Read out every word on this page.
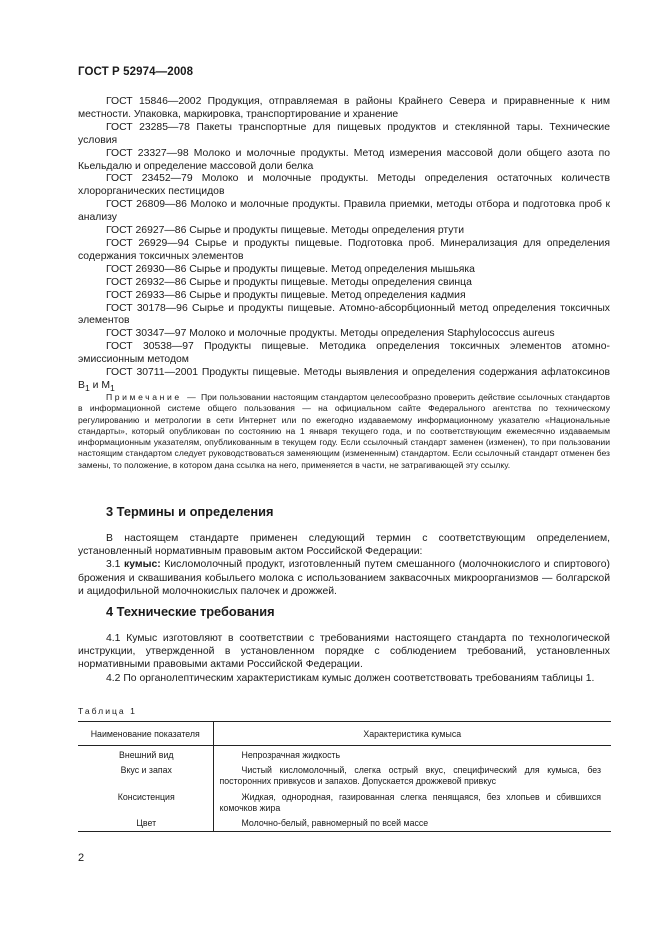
ГОСТ Р 52974—2008

ГОСТ 15846—2002 Продукция, отправляемая в районы Крайнего Севера и приравненные к ним местности. Упаковка, маркировка, транспортирование и хранение

ГОСТ 23285—78 Пакеты транспортные для пищевых продуктов и стеклянной тары. Технические условия

ГОСТ 23327—98 Молоко и молочные продукты. Метод измерения массовой доли общего азота по Кьельдалю и определение массовой доли белка

ГОСТ 23452—79 Молоко и молочные продукты. Методы определения остаточных количеств хлорорганических пестицидов

ГОСТ 26809—86 Молоко и молочные продукты. Правила приемки, методы отбора и подготовка проб к анализу

ГОСТ 26927—86 Сырье и продукты пищевые. Методы определения ртути

ГОСТ 26929—94 Сырье и продукты пищевые. Подготовка проб. Минерализация для определения содержания токсичных элементов

ГОСТ 26930—86 Сырье и продукты пищевые. Метод определения мышьяка

ГОСТ 26932—86 Сырье и продукты пищевые. Методы определения свинца

ГОСТ 26933—86 Сырье и продукты пищевые. Метод определения кадмия

ГОСТ 30178—96 Сырье и продукты пищевые. Атомно-абсорбционный метод определения токсичных элементов

ГОСТ 30347—97 Молоко и молочные продукты. Методы определения Staphylococcus aureus

ГОСТ 30538—97 Продукты пищевые. Методика определения токсичных элементов атомно-эмиссионным методом

ГОСТ 30711—2001 Продукты пищевые. Методы выявления и определения содержания афлатоксинов $В_1$ и $М_1$

Примечание — При пользовании настоящим стандартом целесообразно проверить действие ссылочных стандартов в информационной системе общего пользования — на официальном сайте Федерального агентства по техническому регулированию и метрологии в сети Интернет или по ежегодно издаваемому информационному указателю «Национальные стандарты», который опубликован по состоянию на 1 января текущего года, и по соответствующим ежемесячно издаваемым информационным указателям, опубликованным в текущем году. Если ссылочный стандарт заменен (изменен), то при пользовании настоящим стандартом следует руководствоваться заменяющим (измененным) стандартом. Если ссылочный стандарт отменен без замены, то положение, в котором дана ссылка на него, применяется в части, не затрагивающей эту ссылку.

3 Термины и определения

В настоящем стандарте применен следующий термин с соответствующим определением, установленный нормативным правовым актом Российской Федерации:

3.1 кумыс: Кисломолочный продукт, изготовленный путем смешанного (молочнокислого и спиртового) брожения и сквашивания кобыльего молока с использованием заквасочных микроорганизмов — болгарской и ацидофильной молочнокислых палочек и дрожжей.

4 Технические требования

4.1 Кумыс изготовляют в соответствии с требованиями настоящего стандарта по технологической инструкции, утвержденной в установленном порядке с соблюдением требований, установленных нормативными правовыми актами Российской Федерации.

4.2 По органолептическим характеристикам кумыс должен соответствовать требованиям таблицы 1.

Таблица 1
Наименование показателя	Характеристика кумыса
Внешний вид	Непрозрачная жидкость
Вкус и запах	Чистый кисломолочный, слегка острый вкус, специфический для кумыса, без посторонних привкусов и запахов. Допускается дрожжевой привкус
Консистенция	Жидкая, однородная, газированная слегка пенящаяся, без хлопьев и сбившихся комочков жира
Цвет	Молочно-белый, равномерный по всей массе
2
